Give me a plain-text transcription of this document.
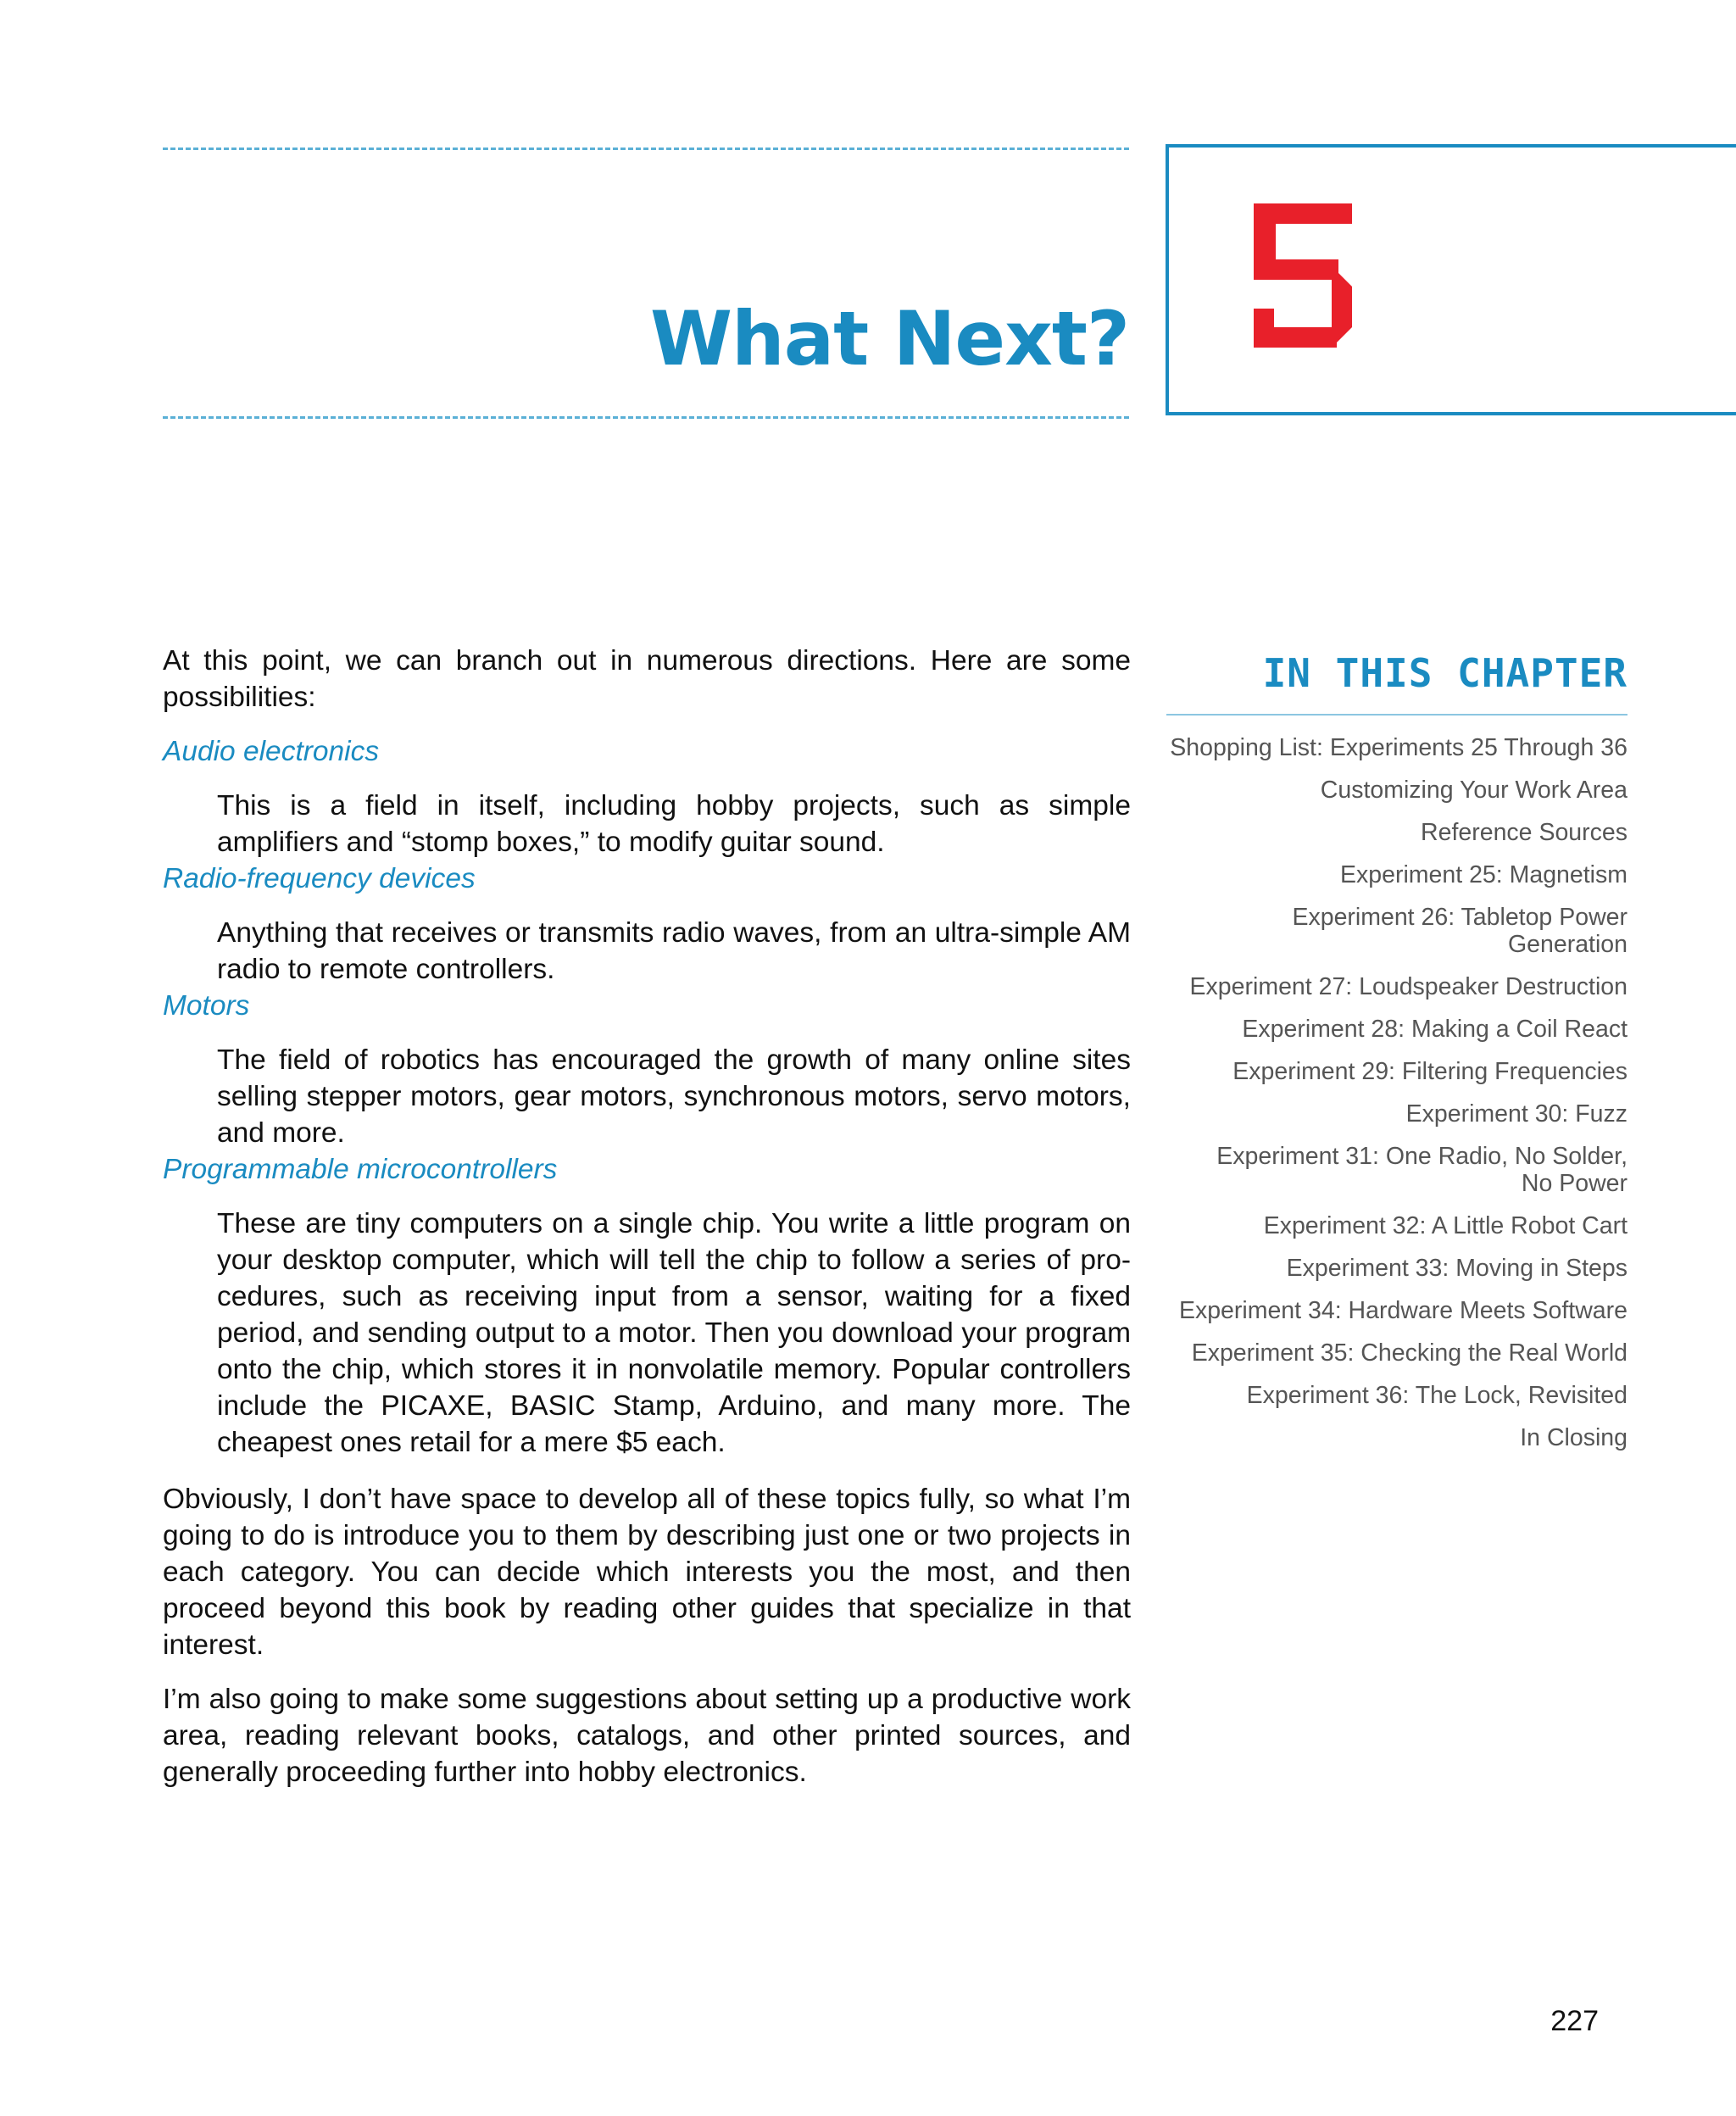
What Next?

At this point, we can branch out in numerous directions. Here are some possibilities:

Audio electronics

This is a field in itself, including hobby projects, such as simple amplifiers and “stomp boxes,” to modify guitar sound.

Radio-frequency devices

Anything that receives or transmits radio waves, from an ultra-simple AM radio to remote controllers.

Motors

The field of robotics has encouraged the growth of many online sites selling stepper motors, gear motors, synchronous motors, servo motors, and more.

Programmable microcontrollers

These are tiny computers on a single chip. You write a little program on your desktop computer, which will tell the chip to follow a series of procedures, such as receiving input from a sensor, waiting for a fixed period, and sending output to a motor. Then you download your program onto the chip, which stores it in nonvolatile memory. Popular controllers include the PICAXE, BASIC Stamp, Arduino, and many more. The cheapest ones retail for a mere $5 each.

Obviously, I don’t have space to develop all of these topics fully, so what I’m going to do is introduce you to them by describing just one or two projects in each category. You can decide which interests you the most, and then proceed beyond this book by reading other guides that specialize in that interest.

I’m also going to make some suggestions about setting up a productive work area, reading relevant books, catalogs, and other printed sources, and generally proceeding further into hobby electronics.

IN THIS CHAPTER
Shopping List: Experiments 25 Through 36
Customizing Your Work Area
Reference Sources
Experiment 25: Magnetism
Experiment 26: Tabletop Power Generation
Experiment 27: Loudspeaker Destruction
Experiment 28: Making a Coil React
Experiment 29: Filtering Frequencies
Experiment 30: Fuzz
Experiment 31: One Radio, No Solder,
No Power
Experiment 32: A Little Robot Cart
Experiment 33: Moving in Steps
Experiment 34: Hardware Meets Software
Experiment 35: Checking the Real World
Experiment 36: The Lock, Revisited
In Closing
227
